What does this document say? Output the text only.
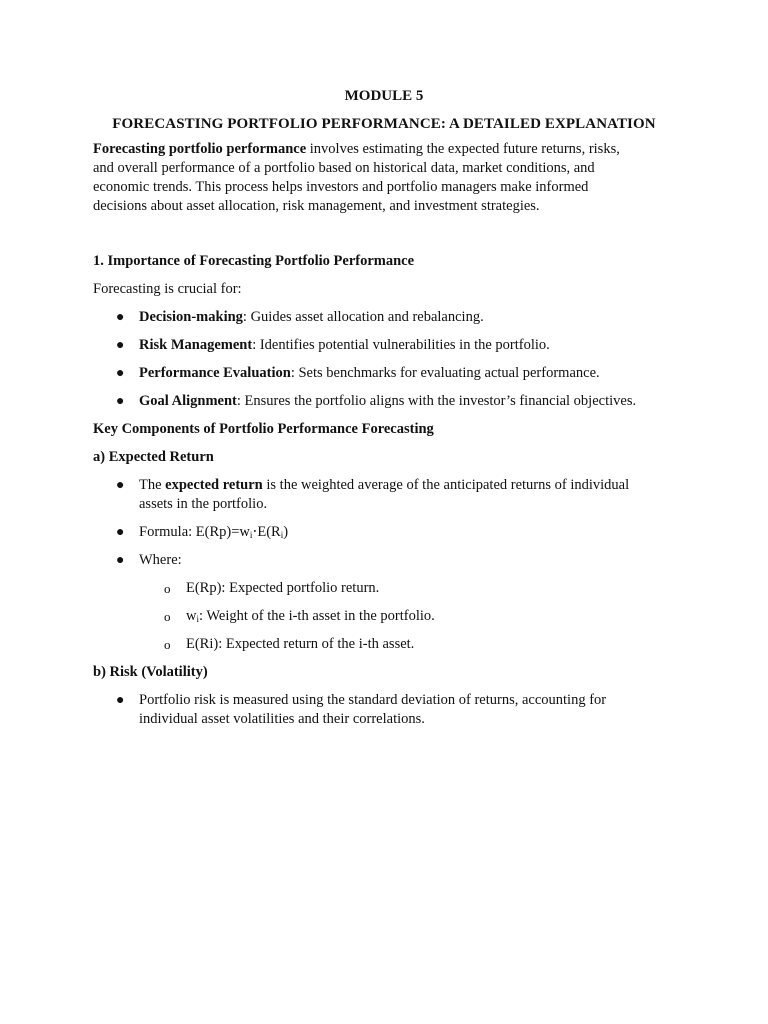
MODULE 5

FORECASTING PORTFOLIO PERFORMANCE: A DETAILED EXPLANATION

Forecasting portfolio performance involves estimating the expected future returns, risks,

and overall performance of a portfolio based on historical data, market conditions, and

economic trends. This process helps investors and portfolio managers make informed

decisions about asset allocation, risk management, and investment strategies.

1. Importance of Forecasting Portfolio Performance

Forecasting is crucial for:

● Decision-making: Guides asset allocation and rebalancing.
● Risk Management: Identifies potential vulnerabilities in the portfolio.
● Performance Evaluation: Sets benchmarks for evaluating actual performance.
● Goal Alignment: Ensures the portfolio aligns with the investor’s financial objectives.

Key Components of Portfolio Performance Forecasting

a) Expected Return

● The expected return is the weighted average of the anticipated returns of individual
assets in the portfolio.
● Formula: $E(Rp)=w_i\cdot E(R_i)$
● Where:
o E(Rp): Expected portfolio return.
o $w_i$: Weight of the i-th asset in the portfolio.
o E(Ri): Expected return of the i-th asset.

b) Risk (Volatility)

● Portfolio risk is measured using the standard deviation of returns, accounting for
individual asset volatilities and their correlations.
